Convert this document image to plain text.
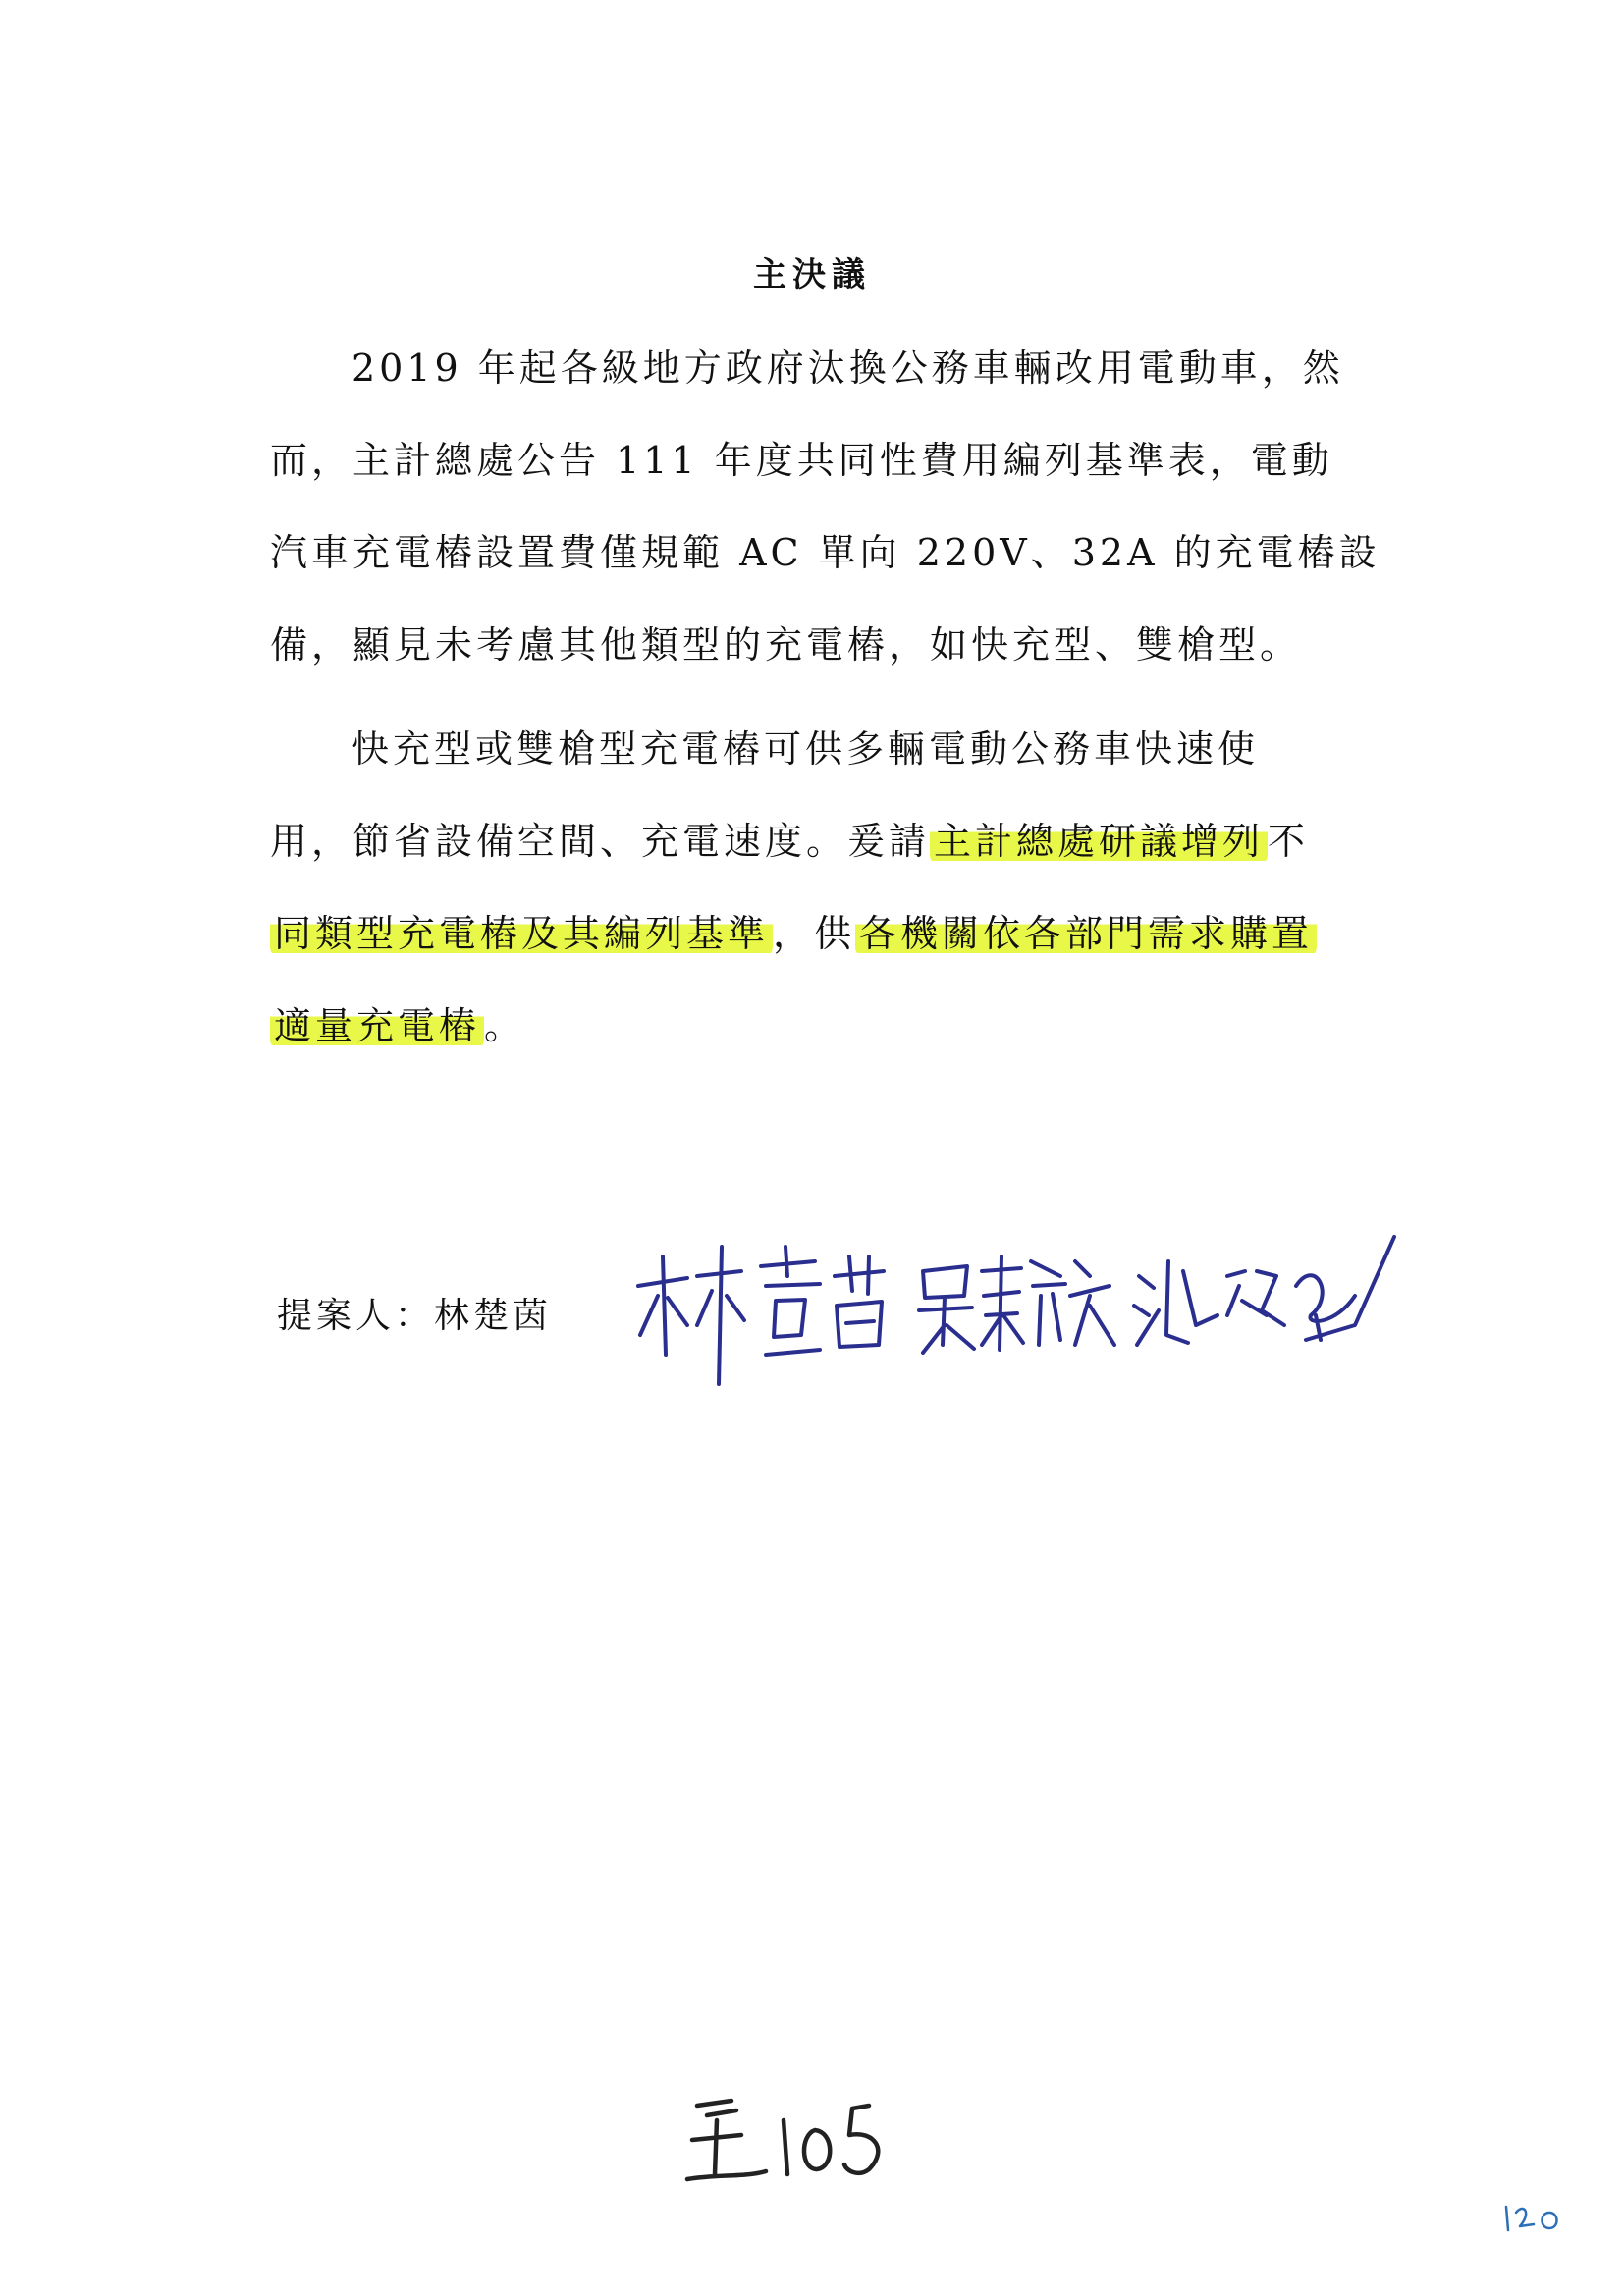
主決議
2019 年起各級地方政府汰換公務車輛改用電動車，然
而，主計總處公告 111 年度共同性費用編列基準表，電動
汽車充電樁設置費僅規範 AC 單向 220V、32A 的充電樁設
備，顯見未考慮其他類型的充電樁，如快充型、雙槍型。
快充型或雙槍型充電樁可供多輛電動公務車快速使
用，節省設備空間、充電速度。爰請 主計總處研議增列 不
同類型充電樁及其編列基準 ，供 各機關依各部門需求購置
適量充電樁 。
提案人：林楚茵
